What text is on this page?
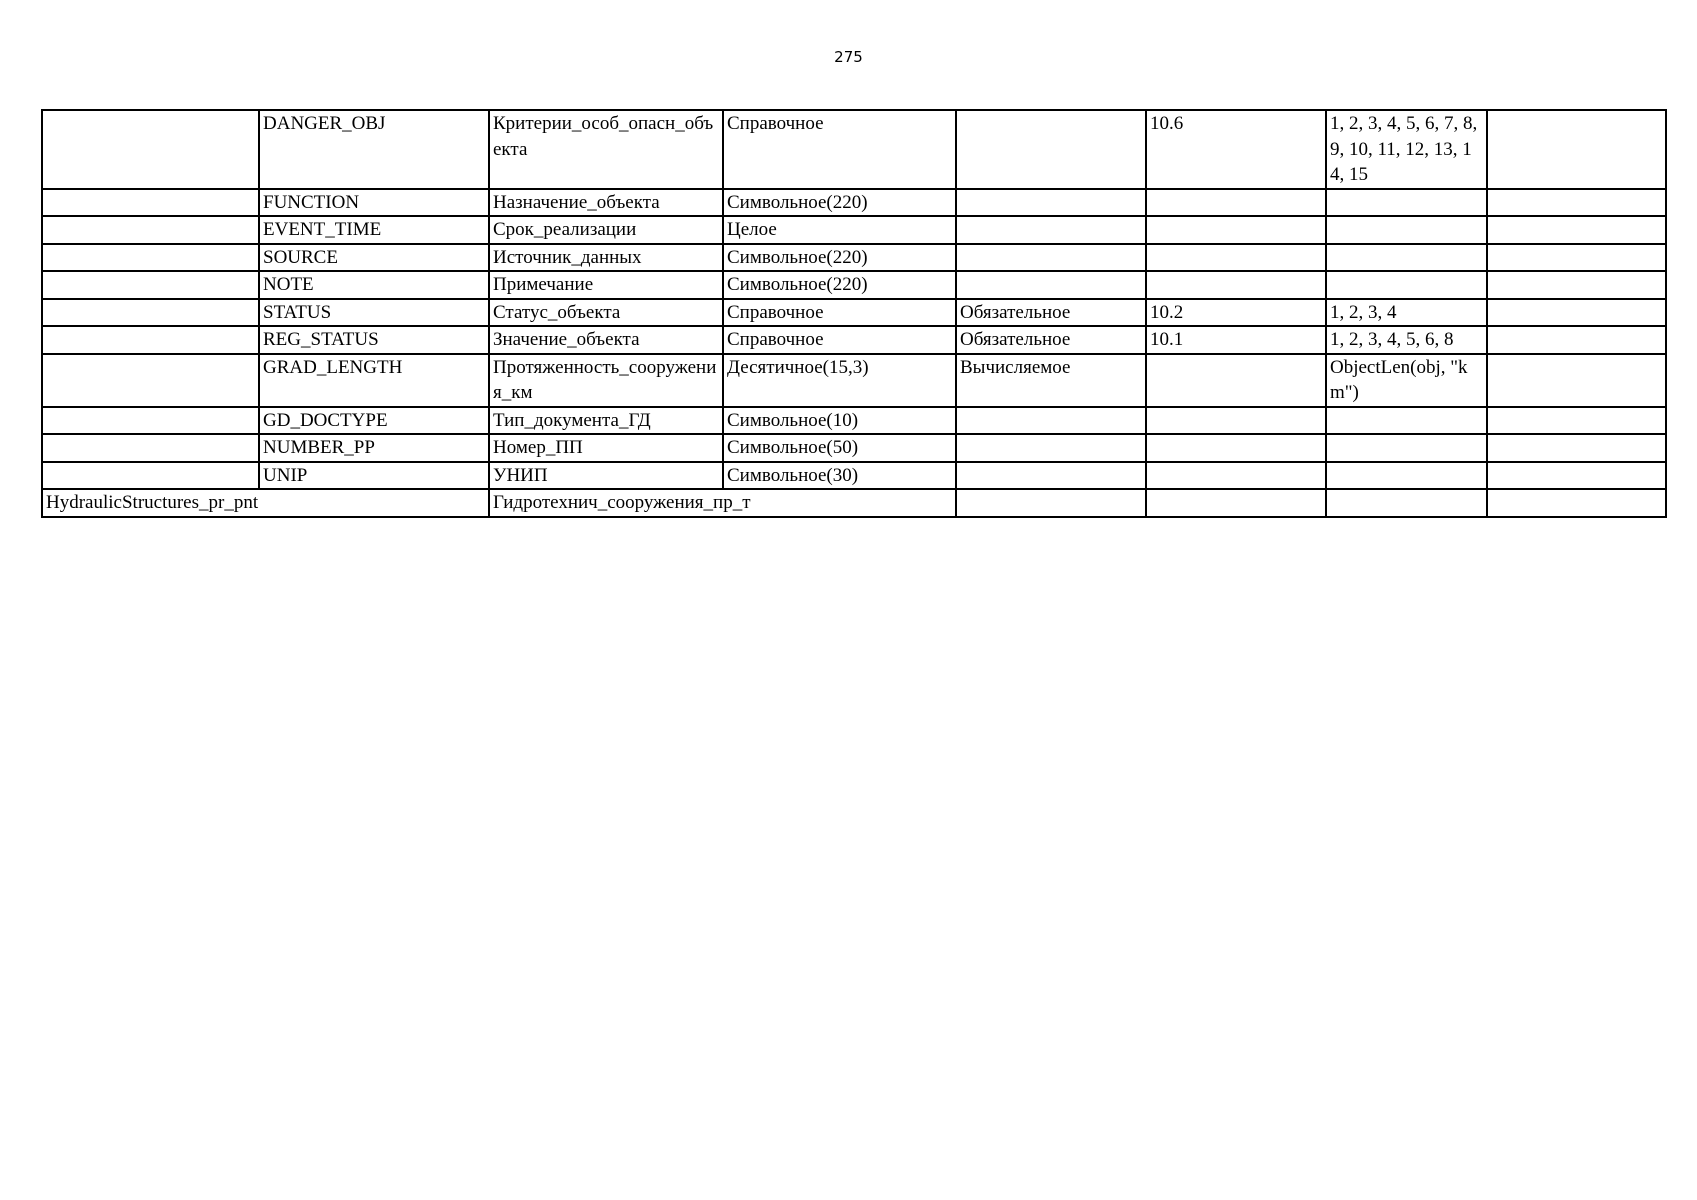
275
	DANGER_OBJ	Критерии_особ_опасн_объекта	Справочное		10.6	1, 2, 3, 4, 5, 6, 7, 8, 9, 10, 11, 12, 13, 14, 15	
	FUNCTION	Назначение_объекта	Символьное(220)				
	EVENT_TIME	Срок_реализации	Целое				
	SOURCE	Источник_данных	Символьное(220)				
	NOTE	Примечание	Символьное(220)				
	STATUS	Статус_объекта	Справочное	Обязательное	10.2	1, 2, 3, 4	
	REG_STATUS	Значение_объекта	Справочное	Обязательное	10.1	1, 2, 3, 4, 5, 6, 8	
	GRAD_LENGTH	Протяженность_сооружения_км	Десятичное(15,3)	Вычисляемое		ObjectLen(obj, "km")	
	GD_DOCTYPE	Тип_документа_ГД	Символьное(10)				
	NUMBER_PP	Номер_ПП	Символьное(50)				
	UNIP	УНИП	Символьное(30)				
HydraulicStructures_pr_pnt		Гидротехнич_сооружения_пр_т					
